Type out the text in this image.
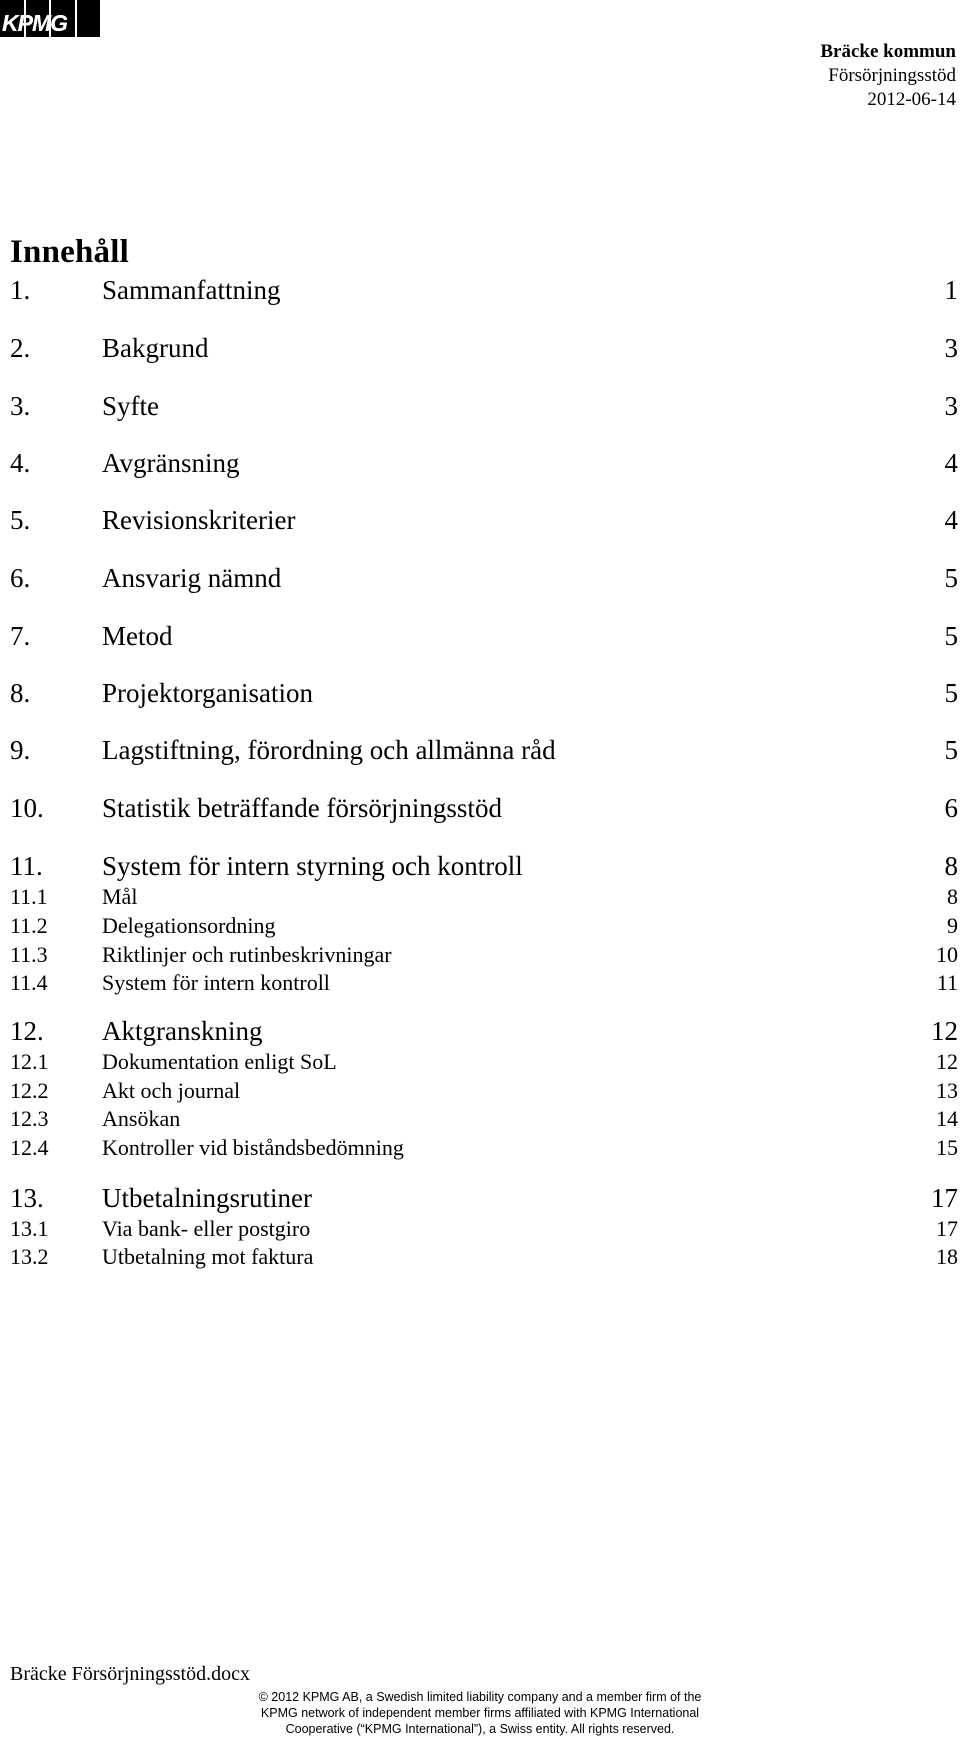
KPMG
Bräcke kommun
Försörjningsstöd
2012-06-14
Innehåll
1.	Sammanfattning	1
2.	Bakgrund	3
3.	Syfte	3
4.	Avgränsning	4
5.	Revisionskriterier	4
6.	Ansvarig nämnd	5
7.	Metod	5
8.	Projektorganisation	5
9.	Lagstiftning, förordning och allmänna råd	5
10.	Statistik beträffande försörjningsstöd	6
11.	System för intern styrning och kontroll	8
11.1	Mål	8
11.2	Delegationsordning	9
11.3	Riktlinjer och rutinbeskrivningar	10
11.4	System för intern kontroll	11
12.	Aktgranskning	12
12.1	Dokumentation enligt SoL	12
12.2	Akt och journal	13
12.3	Ansökan	14
12.4	Kontroller vid biståndsbedömning	15
13.	Utbetalningsrutiner	17
13.1	Via bank- eller postgiro	17
13.2	Utbetalning mot faktura	18
Bräcke Försörjningsstöd.docx
© 2012 KPMG AB, a Swedish limited liability company and a member firm of the
KPMG network of independent member firms affiliated with KPMG International
Cooperative (“KPMG International”), a Swiss entity. All rights reserved.
